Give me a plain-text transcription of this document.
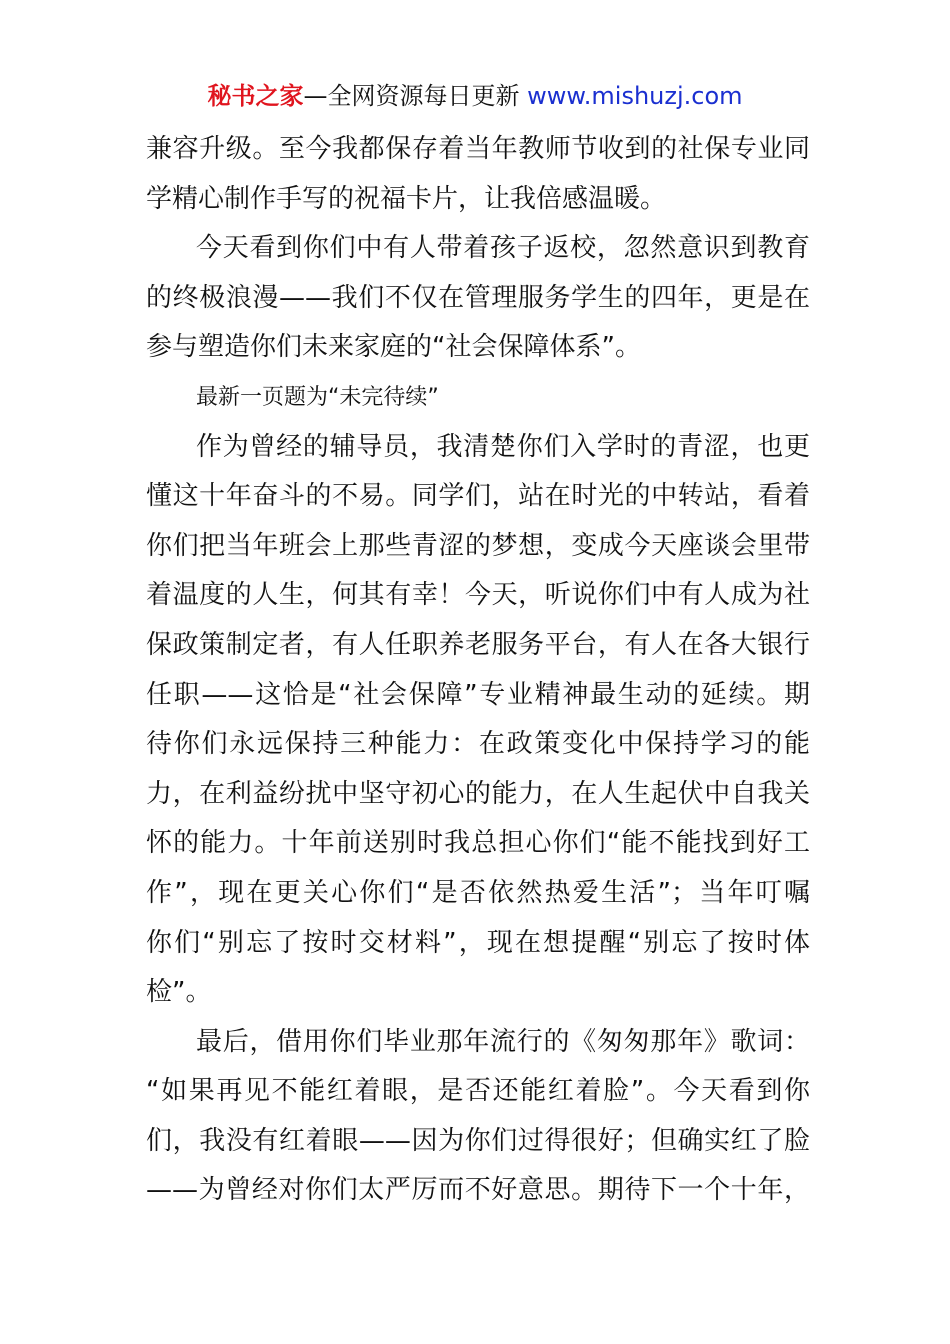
秘书之家—全网资源每日更新 www.mishuzj.com
兼容升级。至今我都保存着当年教师节收到的社保专业同
学精心制作手写的祝福卡片，让我倍感温暖。
今天看到你们中有人带着孩子返校，忽然意识到教育
的终极浪漫——我们不仅在管理服务学生的四年，更是在
参与塑造你们未来家庭的“社会保障体系”。
最新一页题为“未完待续”
作为曾经的辅导员，我清楚你们入学时的青涩，也更
懂这十年奋斗的不易。同学们，站在时光的中转站，看着
你们把当年班会上那些青涩的梦想，变成今天座谈会里带
着温度的人生，何其有幸！今天，听说你们中有人成为社
保政策制定者，有人任职养老服务平台，有人在各大银行
任职——这恰是“社会保障”专业精神最生动的延续。期
待你们永远保持三种能力：在政策变化中保持学习的能
力，在利益纷扰中坚守初心的能力，在人生起伏中自我关
怀的能力。十年前送别时我总担心你们“能不能找到好工
作”，现在更关心你们“是否依然热爱生活”；当年叮嘱
你们“别忘了按时交材料”，现在想提醒“别忘了按时体
检”。
最后，借用你们毕业那年流行的《匆匆那年》歌词：
“如果再见不能红着眼，是否还能红着脸”。今天看到你
们，我没有红着眼——因为你们过得很好；但确实红了脸
——为曾经对你们太严厉而不好意思。期待下一个十年，
